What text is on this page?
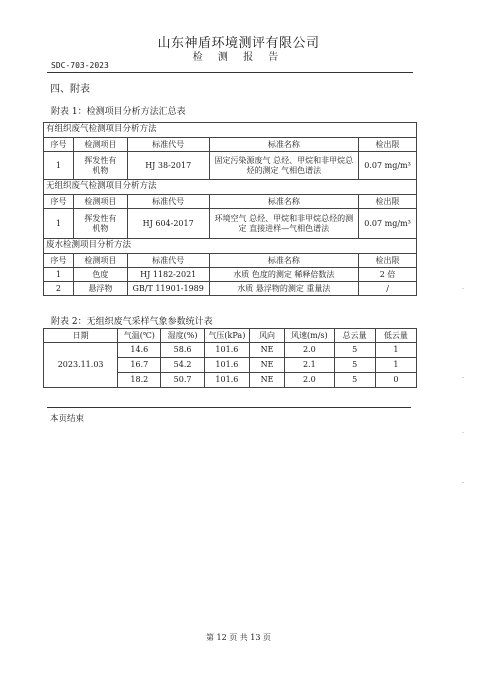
山东神盾环境测评有限公司
检 测 报 告
SDC-703-2023
四、附表
附表 1：检测项目分析方法汇总表
有组织废气检测项目分析方法				
序号	检测项目	标准代号	标准名称	检出限
1	挥发性有机物	HJ 38-2017	固定污染源废气 总烃、甲烷和非甲烷总烃的测定 气相色谱法	0.07 mg/m³
无组织废气检测项目分析方法				
序号	检测项目	标准代号	标准名称	检出限
1	挥发性有机物	HJ 604-2017	环境空气 总烃、甲烷和非甲烷总烃的测定 直接进样—气相色谱法	0.07 mg/m³
废水检测项目分析方法				
序号	检测项目	标准代号	标准名称	检出限
1	色度	HJ 1182-2021	水质 色度的测定 稀释倍数法	2 倍
2	悬浮物	GB/T 11901-1989	水质 悬浮物的测定 重量法	/
附表 2：无组织废气采样气象参数统计表
日期	气温(℃)	湿度(%)	气压(kPa)	风向	风速(m/s)	总云量	低云量
2023.11.03	14.6	58.6	101.6	NE	2.0	5	1
	16.7	54.2	101.6	NE	2.1	5	1
	18.2	50.7	101.6	NE	2.0	5	0
本页结束
第 12 页 共 13 页
·
·
·
·
